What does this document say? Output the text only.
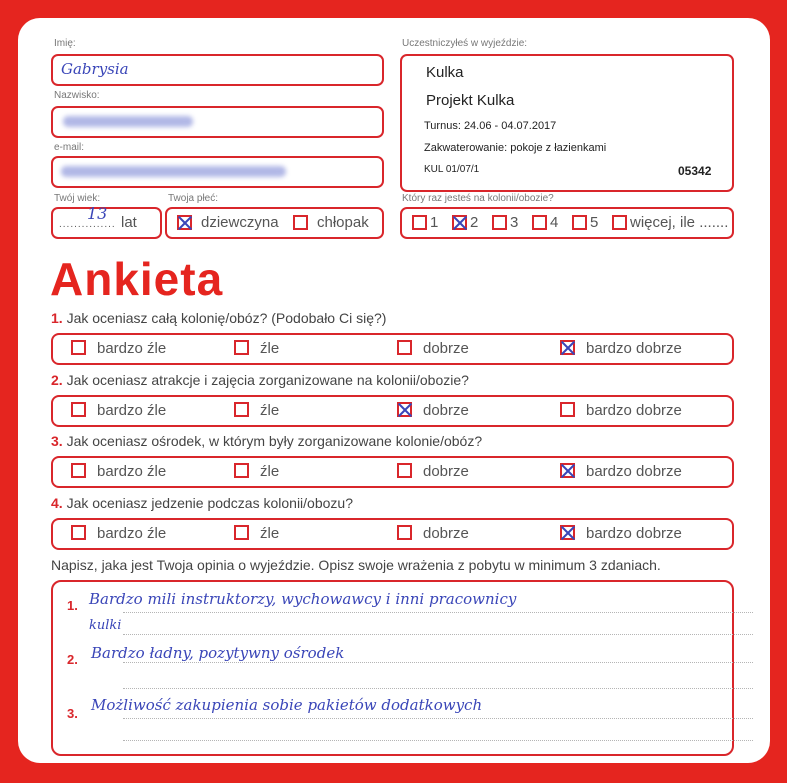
Imię:
Gabrysia
Nazwisko:
e-mail:
Twój wiek:
...............
13 lat
Twoja płeć:
dziewczyna	chłopak
Uczestniczyłeś w wyjeździe:
Kulka
Projekt Kulka
Turnus: 24.06 - 04.07.2017
Zakwaterowanie: pokoje z łazienkami
KUL 01/07/1	05342
Który raz jesteś na kolonii/obozie?
1 2 3 4 5 więcej, ile .......
Ankieta
1. Jak oceniasz całą kolonię/obóz? (Podobało Ci się?)
bardzo źle	źle	dobrze	bardzo dobrze
2. Jak oceniasz atrakcje i zajęcia zorganizowane na kolonii/obozie?
bardzo źle	źle	dobrze	bardzo dobrze
3. Jak oceniasz ośrodek, w którym były zorganizowane kolonie/obóz?
bardzo źle	źle	dobrze	bardzo dobrze
4. Jak oceniasz jedzenie podczas kolonii/obozu?
bardzo źle	źle	dobrze	bardzo dobrze
Napisz, jaka jest Twoja opinia o wyjeździe. Opisz swoje wrażenia z pobytu w minimum 3 zdaniach.
1. Bardzo mili instruktorzy, wychowawcy i inni pracownicy
kulki
2. Bardzo ładny, pozytywny ośrodek
3. Możliwość zakupienia sobie pakietów dodatkowych
